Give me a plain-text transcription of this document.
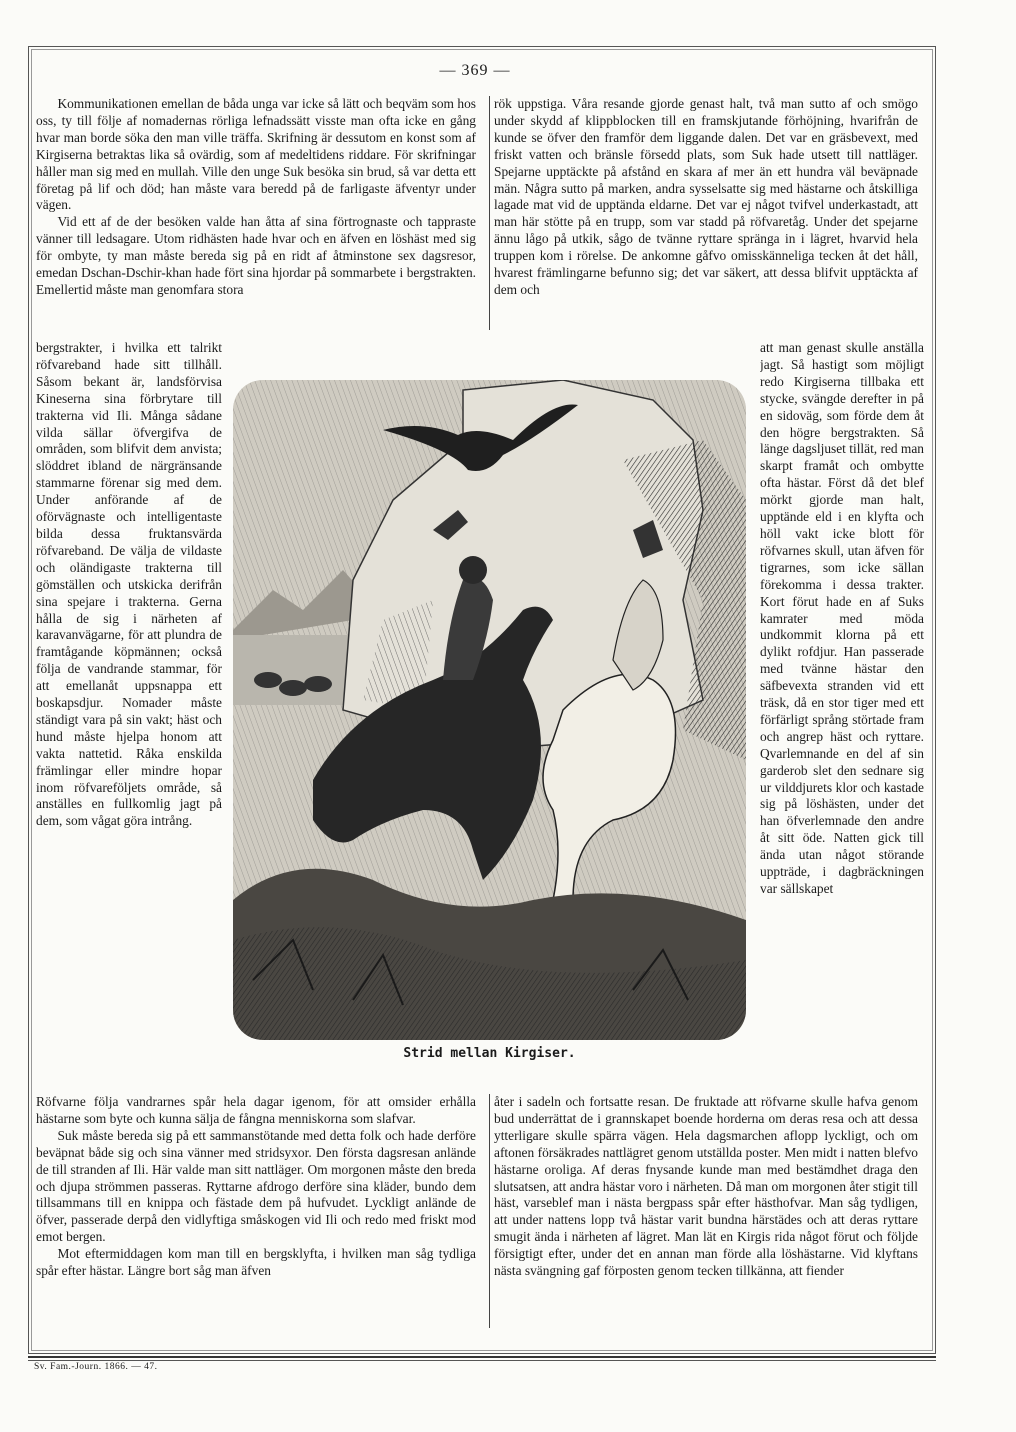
— 369 —

Kommunikationen emellan de båda unga var icke så lätt och beqväm som hos oss, ty till följe af nomadernas rörliga lefnadssätt visste man ofta icke en gång hvar man borde söka den man ville träffa. Skrifning är dessutom en konst som af Kirgiserna betraktas lika så ovärdig, som af medeltidens riddare. För skrifningar håller man sig med en mullah. Ville den unge Suk besöka sin brud, så var detta ett företag på lif och död; han måste vara beredd på de farligaste äfventyr under vägen.

Vid ett af de der besöken valde han åtta af sina förtrognaste och tappraste vänner till ledsagare. Utom ridhästen hade hvar och en äfven en löshäst med sig för ombyte, ty man måste bereda sig på en ridt af åtminstone sex dagsresor, emedan Dschan-Dschir-khan hade fört sina hjordar på sommarbete i bergstrakten. Emellertid måste man genomfara stora

bergstrakter, i hvilka ett talrikt röfvareband hade sitt tillhåll. Såsom bekant är, landsförvisa Kineserna sina förbrytare till trakterna vid Ili. Många sådane vilda sällar öfvergifva de områden, som blifvit dem anvista; slöddret ibland de närgränsande stammarne förenar sig med dem. Under anförande af de oförvägnaste och intelligentaste bilda dessa fruktansvärda röfvareband. De välja de vildaste och oländigaste trakterna till gömställen och utskicka derifrån sina spejare i trakterna. Gerna hålla de sig i närheten af karavanvägarne, för att plundra de framtågande köpmännen; också följa de vandrande stammar, för att emellanåt uppsnappa ett boskapsdjur. Nomader måste ständigt vara på sin vakt; häst och hund måste hjelpa honom att vakta nattetid. Råka enskilda främlingar eller mindre hopar inom röfvareföljets område, så anställes en fullkomlig jagt på dem, som vågat göra intrång.

Röfvarne följa vandrarnes spår hela dagar igenom, för att omsider erhålla hästarne som byte och kunna sälja de fångna menniskorna som slafvar.

Suk måste bereda sig på ett sammanstötande med detta folk och hade derföre beväpnat både sig och sina vänner med stridsyxor. Den första dagsresan anlände de till stranden af Ili. Här valde man sitt nattläger. Om morgonen måste den breda och djupa strömmen passeras. Ryttarne afdrogo derföre sina kläder, bundo dem tillsammans till en knippa och fästade dem på hufvudet. Lyckligt anlände de öfver, passerade derpå den vidlyftiga småskogen vid Ili och redo med friskt mod emot bergen.

Mot eftermiddagen kom man till en bergsklyfta, i hvilken man såg tydliga spår efter hästar. Längre bort såg man äfven

rök uppstiga. Våra resande gjorde genast halt, två man sutto af och smögo under skydd af klippblocken till en framskjutande förhöjning, hvarifrån de kunde se öfver den framför dem liggande dalen. Det var en gräsbevext, med friskt vatten och bränsle försedd plats, som Suk hade utsett till nattläger. Spejarne upptäckte på afstånd en skara af mer än ett hundra väl beväpnade män. Några sutto på marken, andra sysselsatte sig med hästarne och åtskilliga lagade mat vid de upptända eldarne. Det var ej något tvifvel underkastadt, att man här stötte på en trupp, som var stadd på röfvaretåg. Under det spejarne ännu lågo på utkik, sågo de tvänne ryttare spränga in i lägret, hvarvid hela truppen kom i rörelse. De ankomne gåfvo omisskänneliga tecken åt det håll, hvarest främlingarne befunno sig; det var säkert, att dessa blifvit upptäckta af dem och

att man genast skulle anställa jagt. Så hastigt som möjligt redo Kirgiserna tillbaka ett stycke, svängde derefter in på en sidoväg, som förde dem åt den högre bergstrakten. Så länge dagsljuset tillät, red man skarpt framåt och ombytte ofta hästar. Först då det blef mörkt gjorde man halt, upptände eld i en klyfta och höll vakt icke blott för röfvarnes skull, utan äfven för tigrarnes, som icke sällan förekomma i dessa trakter. Kort förut hade en af Suks kamrater med möda undkommit klorna på ett dylikt rofdjur. Han passerade med tvänne hästar den säfbevexta stranden vid ett träsk, då en stor tiger med ett förfärligt språng störtade fram och angrep häst och ryttare. Qvarlemnande en del af sin garderob slet den sednare sig ur vilddjurets klor och kastade sig på löshästen, under det han öfverlemnade den andre åt sitt öde. Natten gick till ända utan något störande uppträde, i dagbräckningen var sällskapet

åter i sadeln och fortsatte resan. De fruktade att röfvarne skulle hafva genom bud underrättat de i grannskapet boende horderna om deras resa och att dessa ytterligare skulle spärra vägen. Hela dagsmarchen aflopp lyckligt, och om aftonen försäkrades nattlägret genom utställda poster. Men midt i natten blefvo hästarne oroliga. Af deras fnysande kunde man med bestämdhet draga den slutsatsen, att andra hästar voro i närheten. Då man om morgonen åter stigit till häst, varseblef man i nästa bergpass spår efter hästhofvar. Man såg tydligen, att under nattens lopp två hästar varit bundna härstädes och att deras ryttare smugit ända i närheten af lägret. Man lät en Kirgis rida något förut och följde försigtigt efter, under det en annan man förde alla löshästarne. Vid klyftans nästa svängning gaf förposten genom tecken tillkänna, att fiender

Strid mellan Kirgiser.
Sv. Fam.-Journ. 1866. — 47.
